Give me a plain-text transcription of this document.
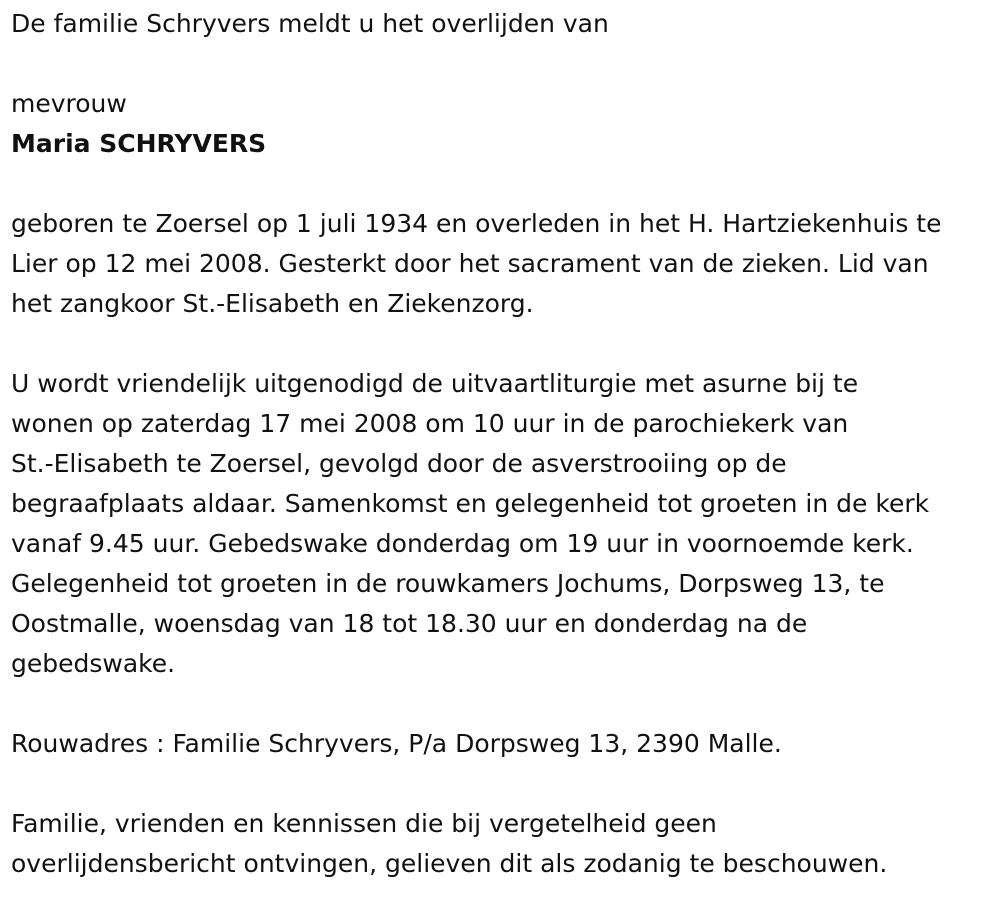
De familie Schryvers meldt u het overlijden van

mevrouw

Maria SCHRYVERS

geboren te Zoersel op 1 juli 1934 en overleden in het H. Hartziekenhuis te

Lier op 12 mei 2008. Gesterkt door het sacrament van de zieken. Lid van

het zangkoor St.-Elisabeth en Ziekenzorg.

U wordt vriendelijk uitgenodigd de uitvaartliturgie met asurne bij te

wonen op zaterdag 17 mei 2008 om 10 uur in de parochiekerk van

St.-Elisabeth te Zoersel, gevolgd door de asverstrooiing op de

begraafplaats aldaar. Samenkomst en gelegenheid tot groeten in de kerk

vanaf 9.45 uur. Gebedswake donderdag om 19 uur in voornoemde kerk.

Gelegenheid tot groeten in de rouwkamers Jochums, Dorpsweg 13, te

Oostmalle, woensdag van 18 tot 18.30 uur en donderdag na de

gebedswake.

Rouwadres : Familie Schryvers, P/a Dorpsweg 13, 2390 Malle.

Familie, vrienden en kennissen die bij vergetelheid geen

overlijdensbericht ontvingen, gelieven dit als zodanig te beschouwen.
